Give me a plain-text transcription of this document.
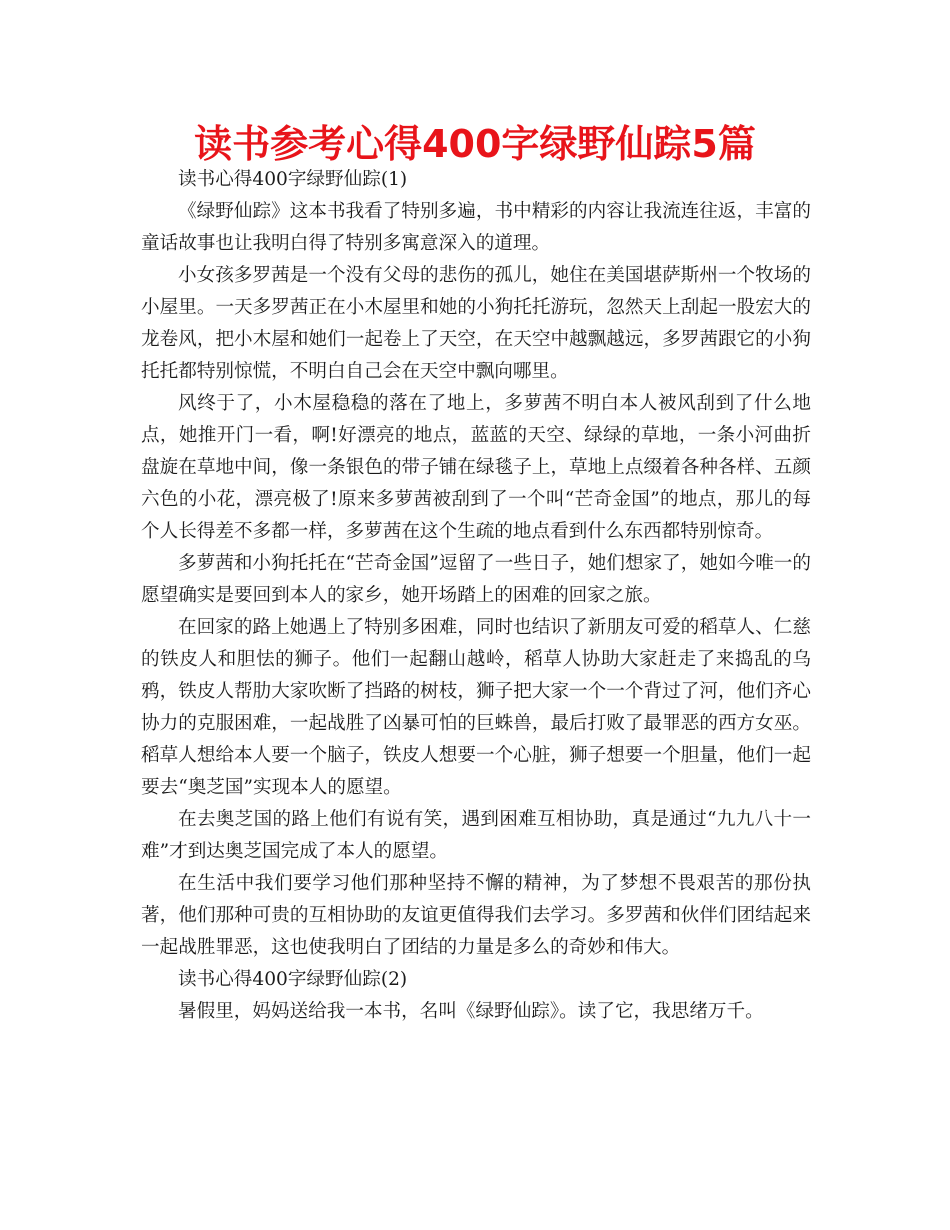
读书参考心得400字绿野仙踪5篇

读书心得400字绿野仙踪(1)

《绿野仙踪》这本书我看了特别多遍，书中精彩的内容让我流连往返，丰富的童话故事也让我明白得了特别多寓意深入的道理。

小女孩多罗茜是一个没有父母的悲伤的孤儿，她住在美国堪萨斯州一个牧场的小屋里。一天多罗茜正在小木屋里和她的小狗托托游玩，忽然天上刮起一股宏大的龙卷风，把小木屋和她们一起卷上了天空，在天空中越飘越远，多罗茜跟它的小狗托托都特别惊慌，不明白自己会在天空中飘向哪里。

风终于了，小木屋稳稳的落在了地上，多萝茜不明白本人被风刮到了什么地点，她推开门一看，啊!好漂亮的地点，蓝蓝的天空、绿绿的草地，一条小河曲折盘旋在草地中间，像一条银色的带子铺在绿毯子上，草地上点缀着各种各样、五颜六色的小花，漂亮极了!原来多萝茜被刮到了一个叫“芒奇金国”的地点，那儿的每个人长得差不多都一样，多萝茜在这个生疏的地点看到什么东西都特别惊奇。

多萝茜和小狗托托在“芒奇金国”逗留了一些日子，她们想家了，她如今唯一的愿望确实是要回到本人的家乡，她开场踏上的困难的回家之旅。

在回家的路上她遇上了特别多困难，同时也结识了新朋友可爱的稻草人、仁慈的铁皮人和胆怯的狮子。他们一起翻山越岭，稻草人协助大家赶走了来捣乱的乌鸦，铁皮人帮肋大家吹断了挡路的树枝，狮子把大家一个一个背过了河，他们齐心协力的克服困难，一起战胜了凶暴可怕的巨蛛兽，最后打败了最罪恶的西方女巫。稻草人想给本人要一个脑子，铁皮人想要一个心脏，狮子想要一个胆量，他们一起要去“奥芝国”实现本人的愿望。

在去奥芝国的路上他们有说有笑，遇到困难互相协助，真是通过“九九八十一难”才到达奥芝国完成了本人的愿望。

在生活中我们要学习他们那种坚持不懈的精神，为了梦想不畏艰苦的那份执著，他们那种可贵的互相协助的友谊更值得我们去学习。多罗茜和伙伴们团结起来一起战胜罪恶，这也使我明白了团结的力量是多么的奇妙和伟大。

读书心得400字绿野仙踪(2)

暑假里，妈妈送给我一本书，名叫《绿野仙踪》。读了它，我思绪万千。
